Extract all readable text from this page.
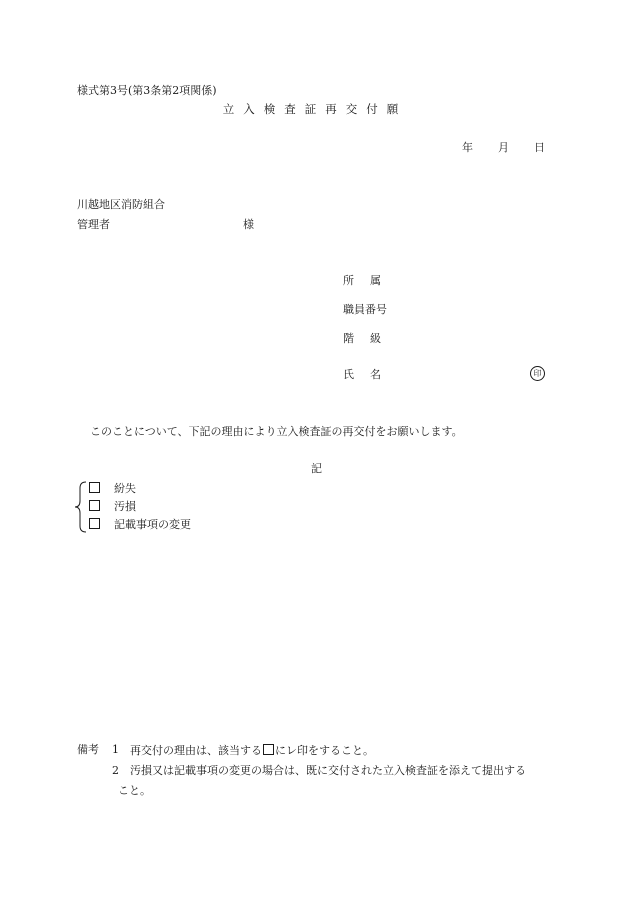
様式第3号(第3条第2項関係)
立入検査証再交付願
年 月 日
川越地区消防組合
管理者	様
所属
職員番号
階級
氏名	印
このことについて、下記の理由により立入検査証の再交付をお願いします。
記
紛失
汚損
記載事項の変更
備考 1 再交付の理由は、該当する にレ印をすること。
2 汚損又は記載事項の変更の場合は、既に交付された立入検査証を添えて提出する
こと。
